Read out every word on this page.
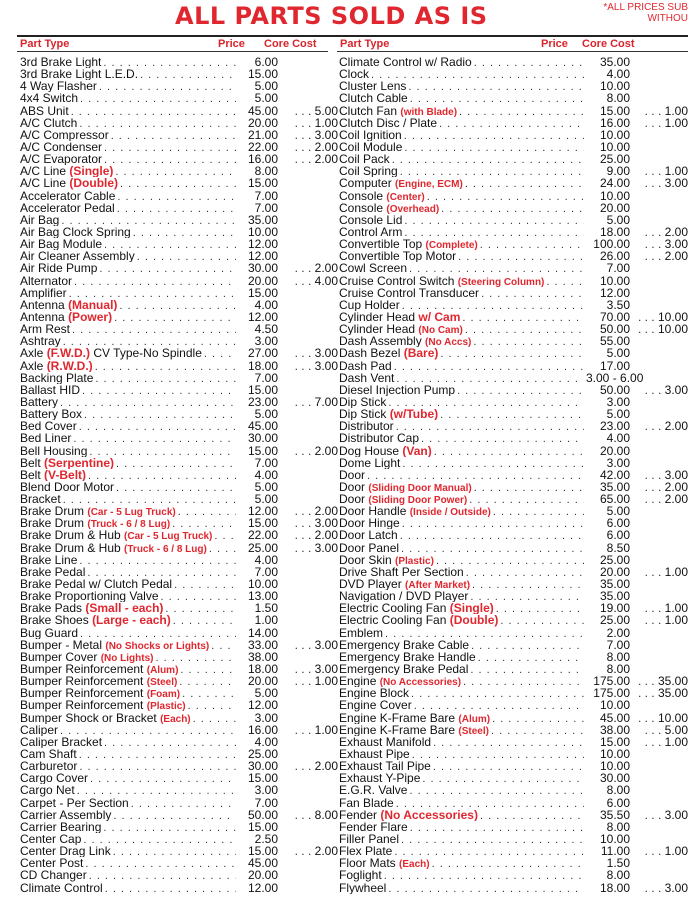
ALL PARTS SOLD AS IS	*ALL PRICES SUB
WITHOU
Part Type	Price Core Cost Part Type	Price Core Cost
3rd Brake Light . . .	6.00
3rd Brake Light L.E.D. . . .	15.00
4 Way Flasher . . .	5.00
4x4 Switch . . .	5.00
ABS Unit . . .	45.00	. . . 5.00
A/C Clutch . . .	20.00	. . . 1.00
A/C Compressor . . .	21.00	. . . 3.00
A/C Condenser . . .	22.00	. . . 2.00
A/C Evaporator . . .	16.00	. . . 2.00
A/C Line (Single) . . .	8.00
A/C Line (Double) . . .	15.00
Accelerator Cable . . .	7.00
Accelerator Pedal . . .	7.00
Air Bag . . .	35.00
Air Bag Clock Spring . . .	10.00
Air Bag Module . . .	12.00
Air Cleaner Assembly . . .	12.00
Air Ride Pump . . .	30.00	. . . 2.00
Alternator . . .	20.00	. . . 4.00
Amplifier . . .	15.00
Antenna (Manual) . . .	4.00
Antenna (Power) . . .	12.00
Arm Rest . . .	4.50
Ashtray . . .	3.00
Axle (F.W.D.) CV Type-No Spindle . . .	27.00	. . . 3.00
Axle (R.W.D.) . . .	18.00	. . . 3.00
Backing Plate . . .	7.00
Ballast HID . . .	15.00
Battery . . .	23.00	. . . 7.00
Battery Box . . .	5.00
Bed Cover . . .	45.00
Bed Liner . . .	30.00
Bell Housing . . .	15.00	. . . 2.00
Belt (Serpentine) . . .	7.00
Belt (V-Belt) . . .	4.00
Blend Door Motor . . .	5.00
Bracket . . .	5.00
Brake Drum (Car - 5 Lug Truck) . . .	12.00	. . . 2.00
Brake Drum (Truck - 6 / 8 Lug) . . .	15.00	. . . 3.00
Brake Drum & Hub (Car - 5 Lug Truck) . . .	22.00	. . . 2.00
Brake Drum & Hub (Truck - 6 / 8 Lug) . . .	25.00	. . . 3.00
Brake Line . . .	4.00
Brake Pedal . . .	7.00
Brake Pedal w/ Clutch Pedal . . .	10.00
Brake Proportioning Valve . . .	13.00
Brake Pads (Small - each) . . .	1.50
Brake Shoes (Large - each) . . .	1.00
Bug Guard . . .	14.00
Bumper - Metal (No Shocks or Lights) . . .	33.00	. . . 3.00
Bumper Cover (No Lights) . . .	38.00
Bumper Reinforcement (Alum) . . .	18.00	. . . 3.00
Bumper Reinforcement (Steel) . . .	20.00	. . . 1.00
Bumper Reinforcement (Foam) . . .	5.00
Bumper Reinforcement (Plastic) . . .	12.00
Bumper Shock or Bracket (Each) . . .	3.00
Caliper . . .	16.00	. . . 1.00
Caliper Bracket . . .	4.00
Cam Shaft . . .	25.00
Carburetor . . .	30.00	. . . 2.00
Cargo Cover . . .	15.00
Cargo Net . . .	3.00
Carpet - Per Section . . .	7.00
Carrier Assembly . . .	50.00	. . . 8.00
Carrier Bearing . . .	15.00
Center Cap . . .	2.50
Center Drag Link . . .	15.00	. . . 2.00
Center Post . . .	45.00
CD Changer . . .	20.00
Climate Control . . .	12.00
Climate Control w/ Radio . . .	35.00
Clock . . .	4.00
Cluster Lens . . .	10.00
Clutch Cable . . .	8.00
Clutch Fan (with Blade) . . .	15.00	. . . 1.00
Clutch Disc / Plate . . .	16.00	. . . 1.00
Coil Ignition . . .	10.00
Coil Module . . .	10.00
Coil Pack . . .	25.00
Coil Spring . . .	9.00	. . . 1.00
Computer (Engine, ECM) . . .	24.00	. . . 3.00
Console (Center) . . .	10.00
Console (Overhead) . . .	20.00
Console Lid . . .	5.00
Control Arm . . .	18.00	. . . 2.00
Convertible Top (Complete) . . .	100.00	. . . 3.00
Convertible Top Motor . . .	26.00	. . . 2.00
Cowl Screen . . .	7.00
Cruise Control Switch (Steering Column) . . .	10.00
Cruise Control Transducer . . .	12.00
Cup Holder . . .	3.50
Cylinder Head w/ Cam . . .	70.00 . . . 10.00
Cylinder Head (No Cam) . . .	50.00 . . . 10.00
Dash Assembly (No Accs) . . .	55.00
Dash Bezel (Bare) . . .	5.00
Dash Pad . . .	17.00
Dash Vent . . .	3.00 - 6.00
Diesel Injection Pump . . .	50.00	. . . 3.00
Dip Stick . . .	3.00
Dip Stick (w/Tube) . . .	5.00
Distributor . . .	23.00	. . . 2.00
Distributor Cap . . .	4.00
Dog House (Van) . . .	20.00
Dome Light . . .	3.00
Door . . .	42.00	. . . 3.00
Door (Sliding Door Manual) . . .	35.00	. . . 2.00
Door (Sliding Door Power) . . .	65.00	. . . 2.00
Door Handle (Inside / Outside) . . .	5.00
Door Hinge . . .	6.00
Door Latch . . .	6.00
Door Panel . . .	8.50
Door Skin (Plastic) . . .	25.00
Drive Shaft Per Section . . .	20.00	. . . 1.00
DVD Player (After Market) . . .	35.00
Navigation / DVD Player . . .	35.00
Electric Cooling Fan (Single) . . .	19.00	. . . 1.00
Electric Cooling Fan (Double) . . .	25.00	. . . 1.00
Emblem . . .	2.00
Emergency Brake Cable . . .	7.00
Emergency Brake Handle . . .	8.00
Emergency Brake Pedal . . .	8.00
Engine (No Accessories) . . .	175.00 . . . 35.00
Engine Block . . .	175.00 . . . 35.00
Engine Cover . . .	10.00
Engine K-Frame Bare (Alum) . . .	45.00 . . . 10.00
Engine K-Frame Bare (Steel) . . .	38.00	. . . 5.00
Exhaust Manifold . . .	15.00	. . . 1.00
Exhaust Pipe . . .	10.00
Exhaust Tail Pipe . . .	10.00
Exhaust Y-Pipe . . .	30.00
E.G.R. Valve . . .	8.00
Fan Blade . . .	6.00
Fender (No Accessories) . . .	35.50	. . . 3.00
Fender Flare . . .	8.00
Filler Panel . . .	10.00
Flex Plate . . .	11.00	. . . 1.00
Floor Mats (Each) . . .	1.50
Foglight . . .	8.00
Flywheel . . .	18.00	. . . 3.00
